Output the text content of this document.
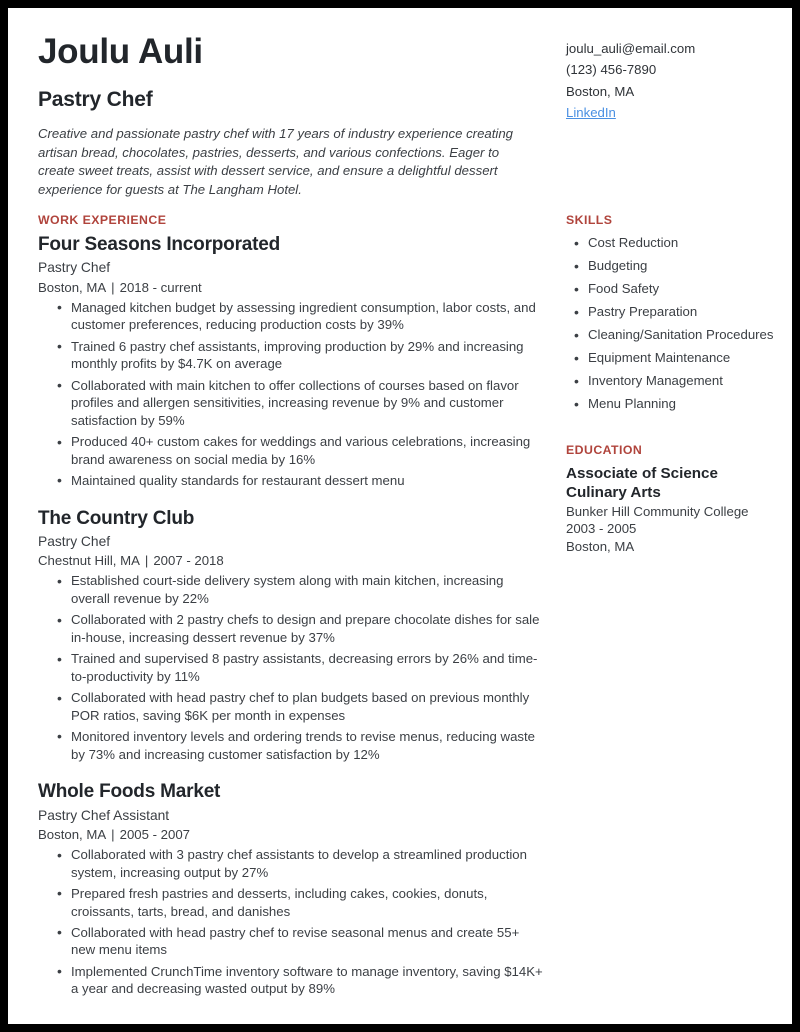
Joulu Auli
Pastry Chef
Creative and passionate pastry chef with 17 years of industry experience creating artisan bread, chocolates, pastries, desserts, and various confections. Eager to create sweet treats, assist with dessert service, and ensure a delightful dessert experience for guests at The Langham Hotel.
joulu_auli@email.com
(123) 456-7890
Boston, MA
LinkedIn
WORK EXPERIENCE
Four Seasons Incorporated
Pastry Chef
Boston, MA | 2018 - current
• Managed kitchen budget by assessing ingredient consumption, labor costs, and customer preferences, reducing production costs by 39%
• Trained 6 pastry chef assistants, improving production by 29% and increasing monthly profits by $4.7K on average
• Collaborated with main kitchen to offer collections of courses based on flavor profiles and allergen sensitivities, increasing revenue by 9% and customer satisfaction by 59%
• Produced 40+ custom cakes for weddings and various celebrations, increasing brand awareness on social media by 16%
• Maintained quality standards for restaurant dessert menu
The Country Club
Pastry Chef
Chestnut Hill, MA | 2007 - 2018
• Established court-side delivery system along with main kitchen, increasing overall revenue by 22%
• Collaborated with 2 pastry chefs to design and prepare chocolate dishes for sale in-house, increasing dessert revenue by 37%
• Trained and supervised 8 pastry assistants, decreasing errors by 26% and time-to-productivity by 11%
• Collaborated with head pastry chef to plan budgets based on previous monthly POR ratios, saving $6K per month in expenses
• Monitored inventory levels and ordering trends to revise menus, reducing waste by 73% and increasing customer satisfaction by 12%
Whole Foods Market
Pastry Chef Assistant
Boston, MA | 2005 - 2007
• Collaborated with 3 pastry chef assistants to develop a streamlined production system, increasing output by 27%
• Prepared fresh pastries and desserts, including cakes, cookies, donuts, croissants, tarts, bread, and danishes
• Collaborated with head pastry chef to revise seasonal menus and create 55+ new menu items
• Implemented CrunchTime inventory software to manage inventory, saving $14K+ a year and decreasing wasted output by 89%
SKILLS
• Cost Reduction
• Budgeting
• Food Safety
• Pastry Preparation
• Cleaning/Sanitation Procedures
• Equipment Maintenance
• Inventory Management
• Menu Planning
EDUCATION
Associate of Science
Culinary Arts
Bunker Hill Community College
2003 - 2005
Boston, MA
